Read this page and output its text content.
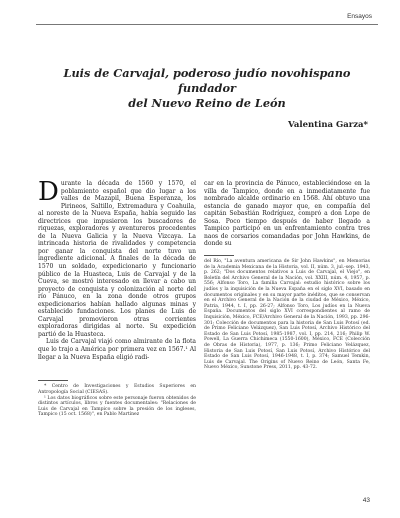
Ensayos
Luis de Carvajal, poderoso judío novohispano fundador
del Nuevo Reino de León
Valentina Garza*

Durante la década de 1560 y 1570, el poblamiento español que dio lugar a los valles de Mazapil, Buena Esperanza, los Pirineos, Saltillo, Extremadura y Coahuila, al noreste de la Nueva España, había seguido las directrices que impusieron los buscadores de riquezas, exploradores y aventureros procedentes de la Nueva Galicia y la Nueva Vizcaya. La intrincada historia de rivalidades y competencia por ganar la conquista del norte tuvo un ingrediente adicional. A finales de la década de 1570 un soldado, expedicionario y funcionario público de la Huasteca, Luis de Carvajal y de la Cueva, se mostró interesado en llevar a cabo un proyecto de conquista y colonización al norte del río Pánuco, en la zona donde otros grupos expedicionarios habían hallado algunas minas y establecido fundaciones. Los planes de Luis de Carvajal promovieron otras corrientes exploradoras dirigidas al norte. Su expedición partió de la Huasteca.

Luis de Carvajal viajó como almirante de la flota que lo trajo a América por primera vez en 1567.¹ Al llegar a la Nueva España eligió radi-

car en la provincia de Pánuco, estableciéndose en la villa de Tampico, donde en a inmediatamente fue nombrado alcalde ordinario en 1568. Ahí obtuvo una estancia de ganado mayor que, en compañía del capitán Sebastián Rodríguez, compró a don Lope de Sosa. Poco tiempo después de haber llegado a Tampico participó en un enfrentamiento contra tres naos de corsarios comandadas por John Hawkins, de donde su

* Centro de Investigaciones y Estudios Superiores en Antropología Social (CIESAS).

¹ Los datos biográficos sobre este personaje fueron obtenidos de distintos artículos, libros y fuentes documentales: "Relaciones de Luis de Carvajal en Tampico sobre la presión de los ingleses, Tampico (15 oct. 1568)", en Pablo Martínez

del Río, "La aventura americana de Sir John Hawkins", en Memorias de la Academia Mexicana de la Historia, vol. II, núm. 3, jul.-sep. 1943, p. 262; "Dos documentos relativos a Luis de Carvajal, el Viejo", en Boletín del Archivo General de la Nación, vol. XXIII, núm. 4, 1957, p. 556; Alfonso Toro, La familia Carvajal: estudio histórico sobre los judíos y la inquisición de la Nueva España en el siglo XVI, basado en documentos originales y en su mayor parte inéditos, que se conservan en el Archivo General de la Nación de la ciudad de México, México, Patria, 1944, t. I, pp. 26-27; Alfonso Toro, Los judíos en la Nueva España. Documentos del siglo XVI correspondientes al ramo de Inquisición, México, FCE/Archivo General de la Nación, 1993, pp. 296-301; Colección de documentos para la historia de San Luis Potosí (ed. de Primo Feliciano Velázquez), San Luis Potosí, Archivo Histórico del Estado de San Luis Potosí, 1985-1987, vol. I, pp. 214, 216; Philip W. Powell, La Guerra Chichimeca (1550-1600), México, FCE (Colección de Obras de Historia), 1977, p. 136; Primo Feliciano Velázquez, Historia de San Luis Potosí, San Luis Potosí, Archivo Histórico del Estado de San Luis Potosí, 1946-1948, t. I, p. 374; Samuel Temkin, Luis de Carvajal. The Origins of Nuevo Reino de León, Santa Fe, Nuevo México, Sunstone Press, 2011, pp. 43-72.

43
